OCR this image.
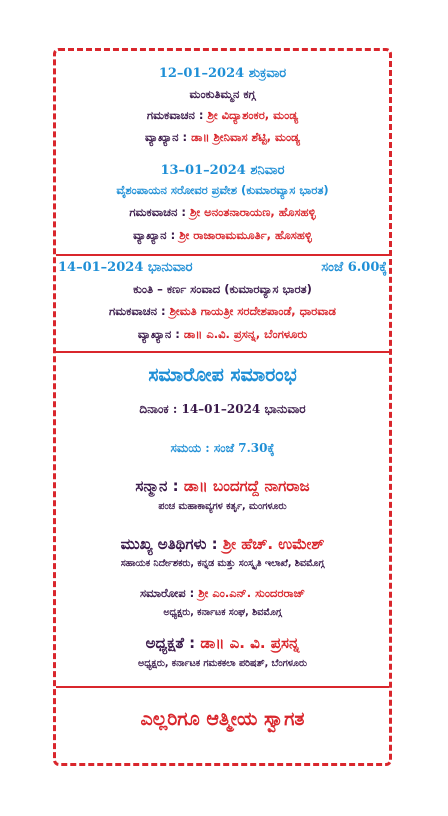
12–01–2024 ಶುಕ್ರವಾರ
ಮಂಕುತಿಮ್ಮನ ಕಗ್ಗ
ಗಮಕವಾಚನ : ಶ್ರೀ ವಿದ್ಯಾಶಂಕರ, ಮಂಡ್ಯ
ವ್ಯಾಖ್ಯಾನ : ಡಾ॥ ಶ್ರೀನಿವಾಸ ಶೆಟ್ಟಿ, ಮಂಡ್ಯ
13–01–2024 ಶನಿವಾರ
ವೈಶಂಪಾಯನ ಸರೋವರ ಪ್ರವೇಶ (ಕುಮಾರವ್ಯಾಸ ಭಾರತ)
ಗಮಕವಾಚನ : ಶ್ರೀ ಅನಂತನಾರಾಯಣ, ಹೊಸಹಳ್ಳಿ
ವ್ಯಾಖ್ಯಾನ : ಶ್ರೀ ರಾಜಾರಾಮಮೂರ್ತಿ, ಹೊಸಹಳ್ಳಿ
14–01–2024 ಭಾನುವಾರ	ಸಂಜೆ 6.00ಕ್ಕೆ
ಕುಂತಿ – ಕರ್ಣ ಸಂವಾದ (ಕುಮಾರವ್ಯಾಸ ಭಾರತ)
ಗಮಕವಾಚನ : ಶ್ರೀಮತಿ ಗಾಯತ್ರೀ ಸರದೇಶಪಾಂಡೆ, ಧಾರವಾಡ
ವ್ಯಾಖ್ಯಾನ : ಡಾ॥ ಎ.ವಿ. ಪ್ರಸನ್ನ, ಬೆಂಗಳೂರು
ಸಮಾರೋಪ ಸಮಾರಂಭ
ದಿನಾಂಕ : 14–01–2024 ಭಾನುವಾರ
ಸಮಯ : ಸಂಜೆ 7.30ಕ್ಕೆ
ಸನ್ಮಾನ : ಡಾ॥ ಬಂದಗದ್ದೆ ನಾಗರಾಜ
ಪಂಚ ಮಹಾಕಾವ್ಯಗಳ ಕರ್ತೃ, ಮಂಗಳೂರು
ಮುಖ್ಯ ಅತಿಥಿಗಳು : ಶ್ರೀ ಹೆಚ್. ಉಮೇಶ್
ಸಹಾಯಕ ನಿರ್ದೇಶಕರು, ಕನ್ನಡ ಮತ್ತು ಸಂಸ್ಕೃತಿ ಇಲಾಖೆ, ಶಿವಮೊಗ್ಗ
ಸಮಾರೋಪ : ಶ್ರೀ ಎಂ.ಎನ್. ಸುಂದರರಾಜ್
ಅಧ್ಯಕ್ಷರು, ಕರ್ನಾಟಕ ಸಂಘ, ಶಿವಮೊಗ್ಗ
ಅಧ್ಯಕ್ಷತೆ : ಡಾ॥ ಎ. ವಿ. ಪ್ರಸನ್ನ
ಅಧ್ಯಕ್ಷರು, ಕರ್ನಾಟಕ ಗಮಕಕಲಾ ಪರಿಷತ್, ಬೆಂಗಳೂರು
ಎಲ್ಲರಿಗೂ ಆತ್ಮೀಯ ಸ್ವಾಗತ
